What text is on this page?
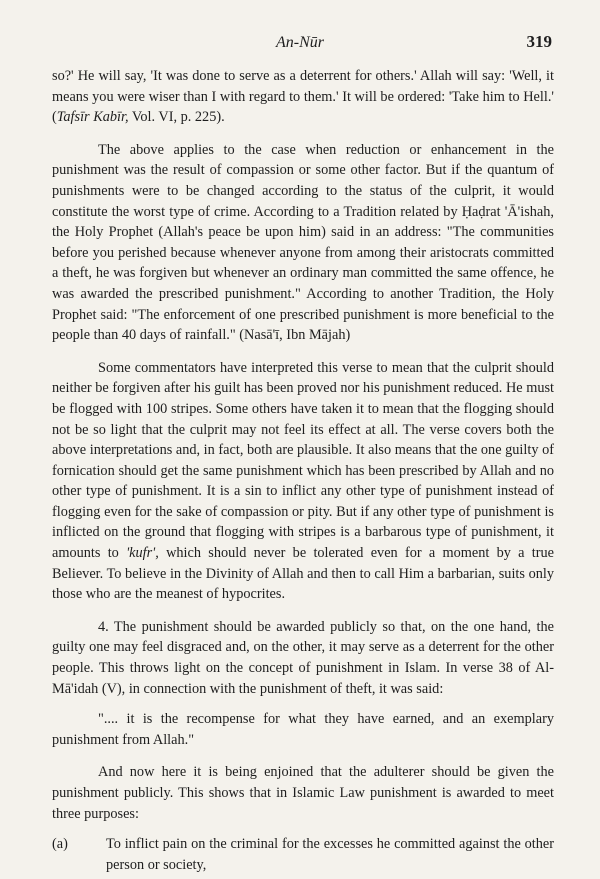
An-Nūr	319

so?' He will say, 'It was done to serve as a deterrent for others.' Allah will say: 'Well, it means you were wiser than I with regard to them.' It will be ordered: 'Take him to Hell.' (Tafsīr Kabīr, Vol. VI, p. 225).

The above applies to the case when reduction or enhancement in the punishment was the result of compassion or some other factor. But if the quantum of punishments were to be changed according to the status of the culprit, it would constitute the worst type of crime. According to a Tradition related by Ḥaḍrat 'Ā'ishah, the Holy Prophet (Allah's peace be upon him) said in an address: "The communities before you perished because whenever anyone from among their aristocrats committed a theft, he was forgiven but whenever an ordinary man committed the same offence, he was awarded the prescribed punishment." According to another Tradition, the Holy Prophet said: "The enforcement of one prescribed punishment is more beneficial to the people than 40 days of rainfall." (Nasā'ī, Ibn Mājah)

Some commentators have interpreted this verse to mean that the culprit should neither be forgiven after his guilt has been proved nor his punishment reduced. He must be flogged with 100 stripes. Some others have taken it to mean that the flogging should not be so light that the culprit may not feel its effect at all. The verse covers both the above interpretations and, in fact, both are plausible. It also means that the one guilty of fornication should get the same punishment which has been prescribed by Allah and no other type of punishment. It is a sin to inflict any other type of punishment instead of flogging even for the sake of compassion or pity. But if any other type of punishment is inflicted on the ground that flogging with stripes is a barbarous type of punishment, it amounts to 'kufr', which should never be tolerated even for a moment by a true Believer. To believe in the Divinity of Allah and then to call Him a barbarian, suits only those who are the meanest of hypocrites.

4. The punishment should be awarded publicly so that, on the one hand, the guilty one may feel disgraced and, on the other, it may serve as a deterrent for the other people. This throws light on the concept of punishment in Islam. In verse 38 of Al-Mā'idah (V), in connection with the punishment of theft, it was said:

".... it is the recompense for what they have earned, and an exemplary punishment from Allah."

And now here it is being enjoined that the adulterer should be given the punishment publicly. This shows that in Islamic Law punishment is awarded to meet three purposes:

(a)	To inflict pain on the criminal for the excesses he committed against the other person or society,
